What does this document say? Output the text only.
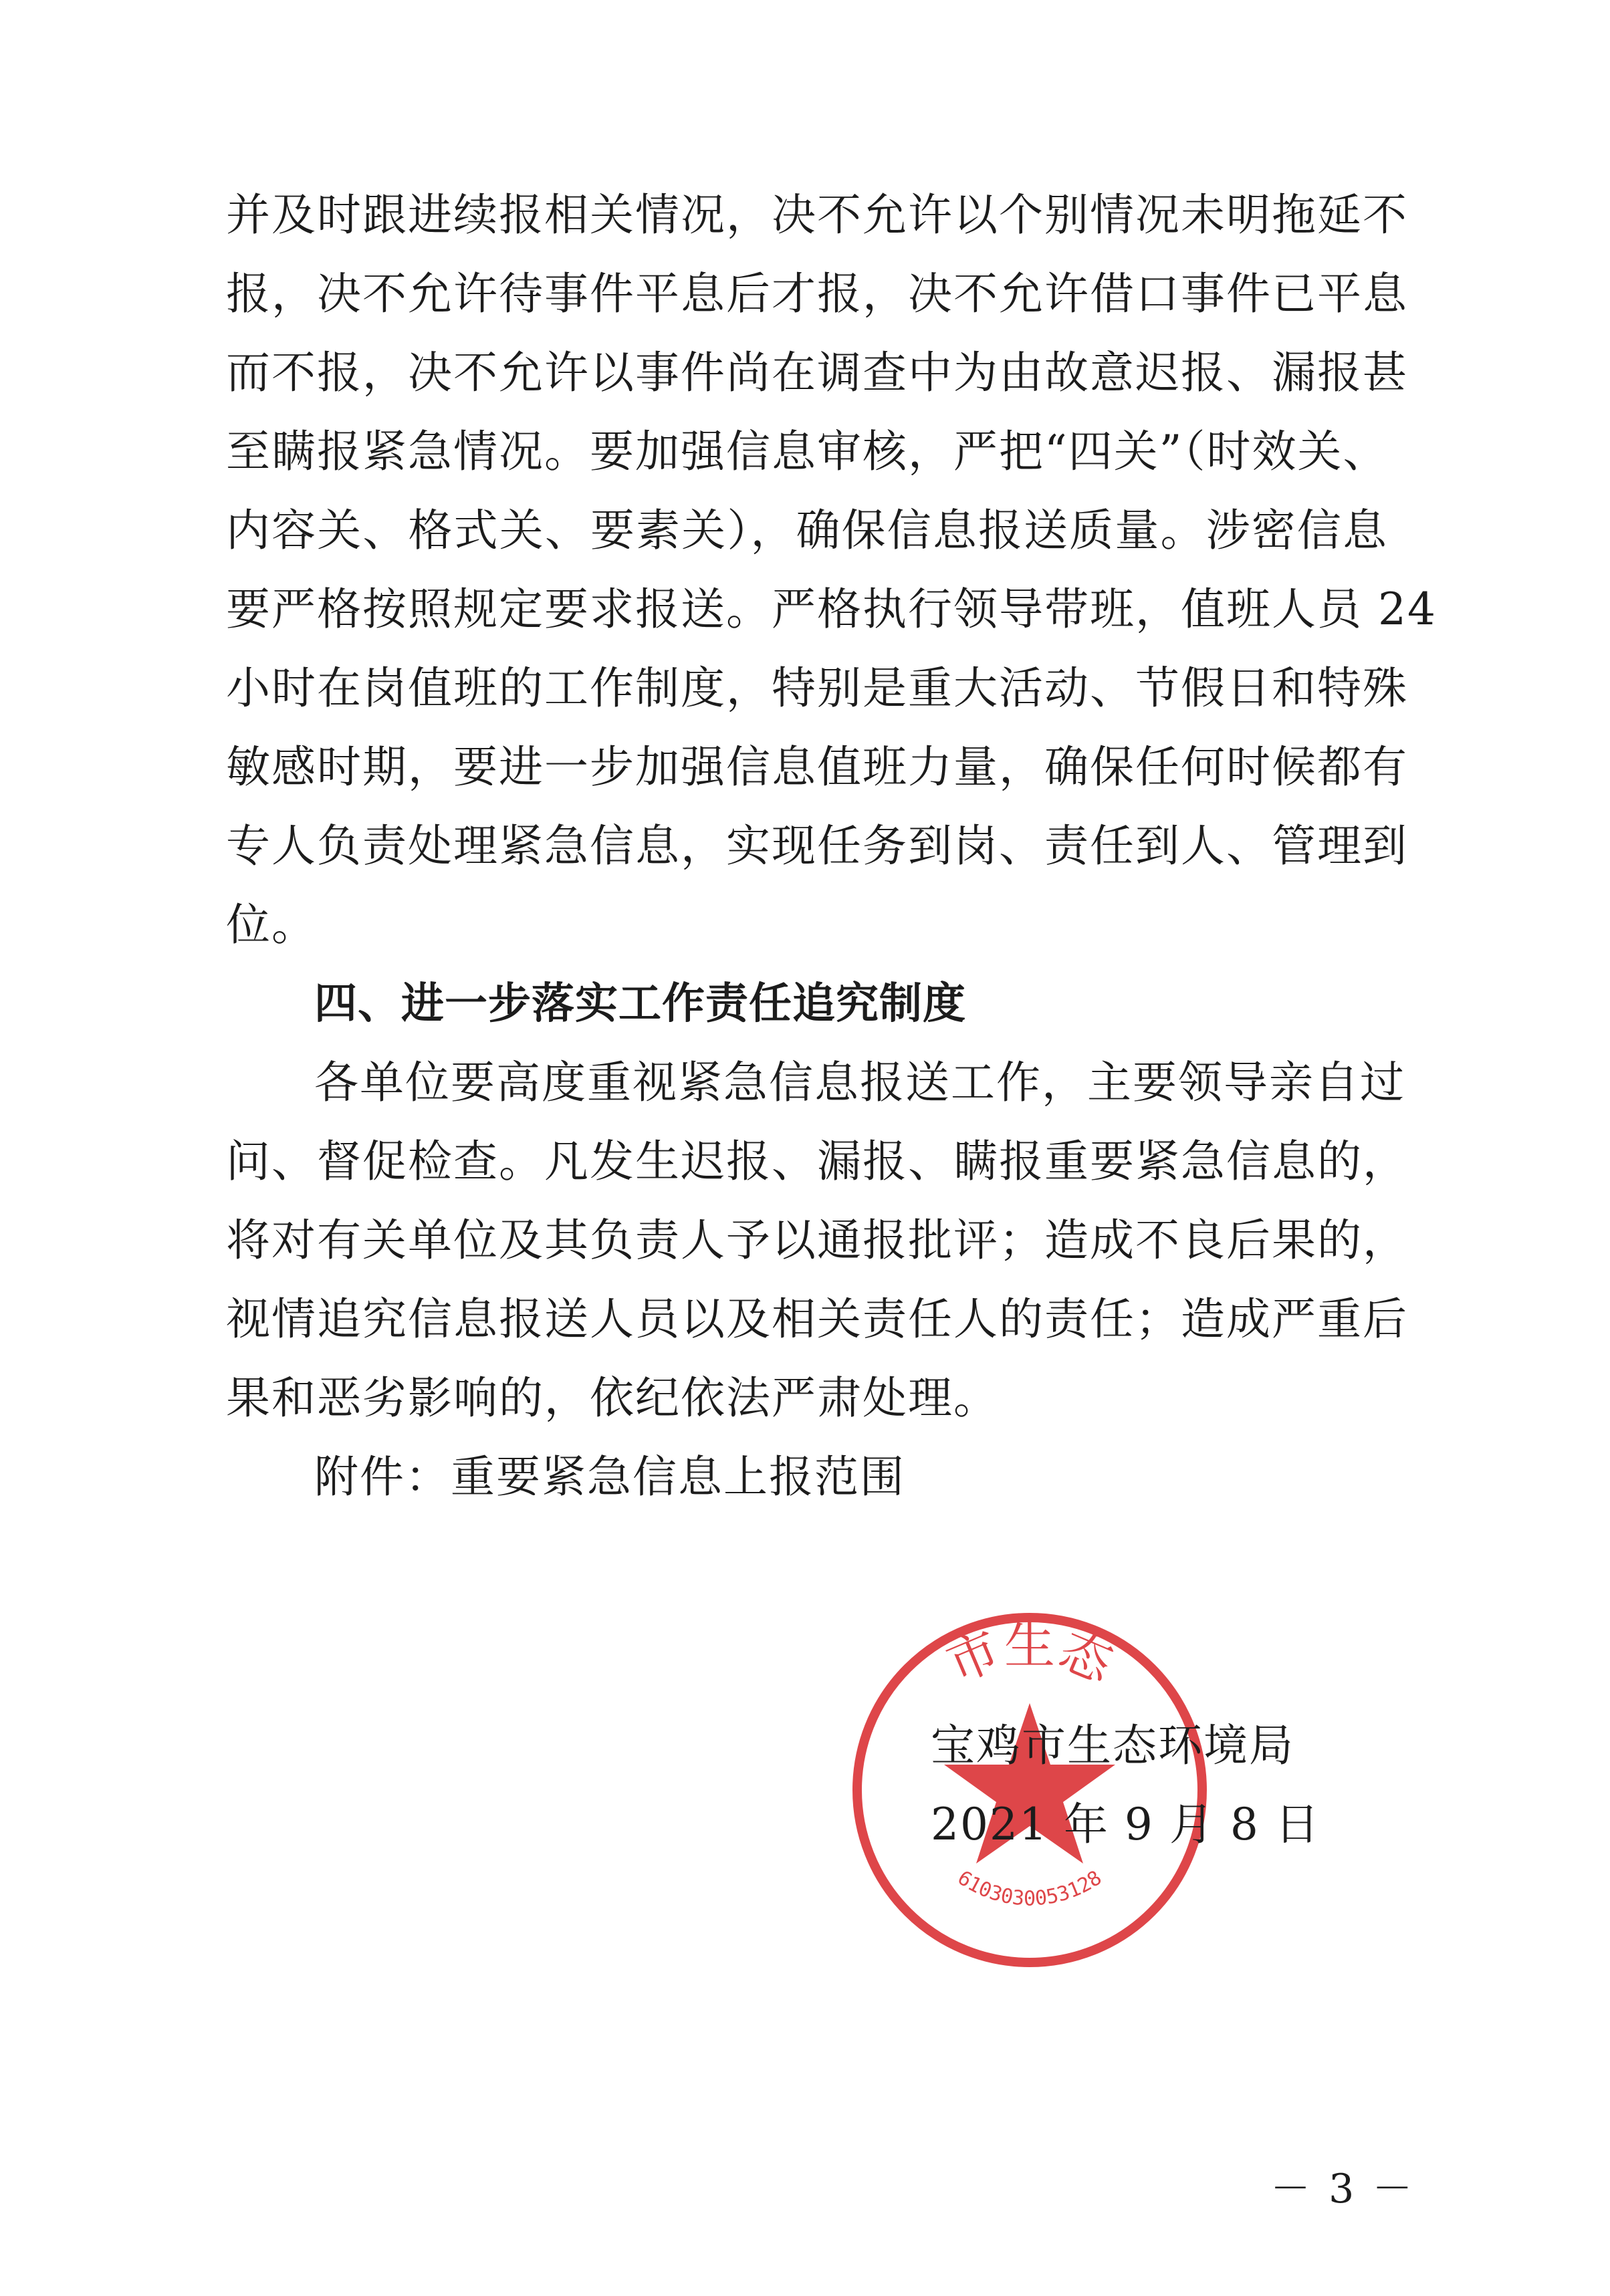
并及时跟进续报相关情况，决不允许以个别情况未明拖延不
报，决不允许待事件平息后才报，决不允许借口事件已平息
而不报，决不允许以事件尚在调查中为由故意迟报、漏报甚
至瞒报紧急情况。要加强信息审核，严把“四关”（时效关、
内容关、格式关、要素关），确保信息报送质量。涉密信息
要严格按照规定要求报送。严格执行领导带班，值班人员 24
小时在岗值班的工作制度，特别是重大活动、节假日和特殊
敏感时期，要进一步加强信息值班力量，确保任何时候都有
专人负责处理紧急信息，实现任务到岗、责任到人、管理到
位。
四、进一步落实工作责任追究制度
各单位要高度重视紧急信息报送工作，主要领导亲自过
问、督促检查。凡发生迟报、漏报、瞒报重要紧急信息的，
将对有关单位及其负责人予以通报批评；造成不良后果的，
视情追究信息报送人员以及相关责任人的责任；造成严重后
果和恶劣影响的，依纪依法严肃处理。
附件：重要紧急信息上报范围
市生态
6103030053128
宝鸡市生态环境局
2021 年 9 月 8 日
－ 3 －
